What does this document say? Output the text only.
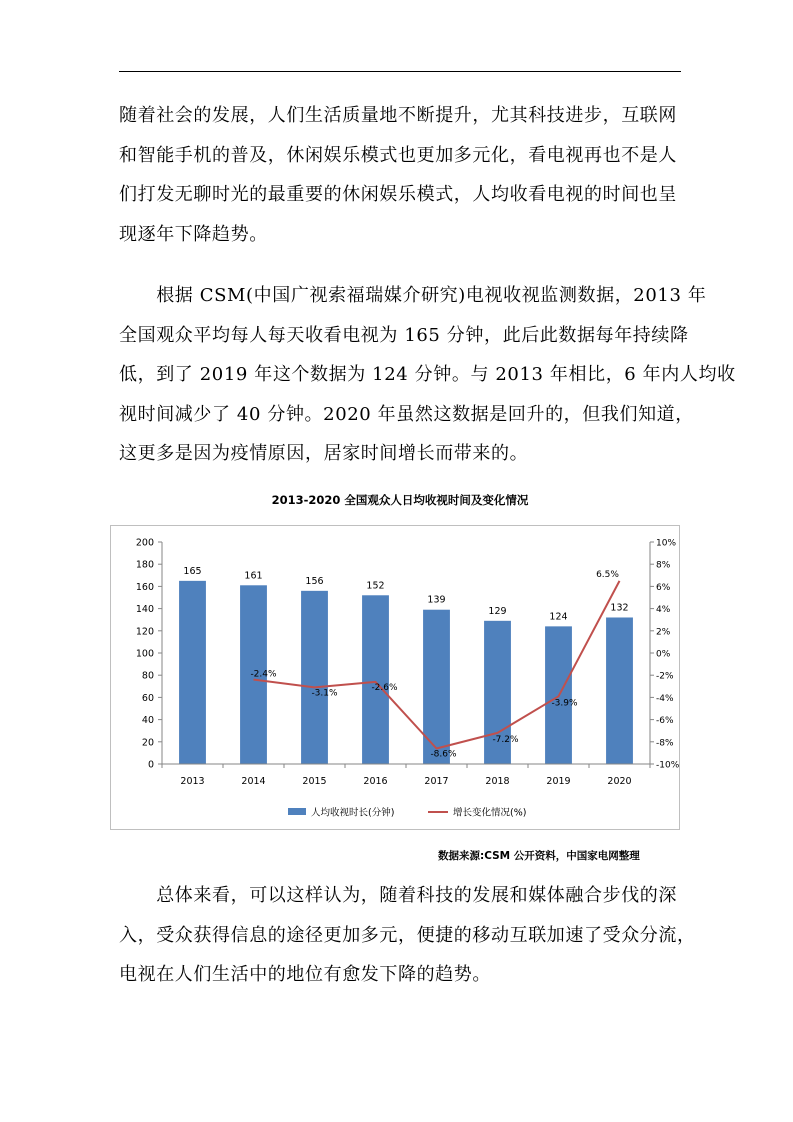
随着社会的发展，人们生活质量地不断提升，尤其科技进步，互联网
和智能手机的普及，休闲娱乐模式也更加多元化，看电视再也不是人
们打发无聊时光的最重要的休闲娱乐模式，人均收看电视的时间也呈
现逐年下降趋势。
　　根据 CSM(中国广视索福瑞媒介研究)电视收视监测数据，2013 年
全国观众平均每人每天收看电视为 165 分钟，此后此数据每年持续降
低，到了 2019 年这个数据为 124 分钟。与 2013 年相比，6 年内人均收
视时间减少了 40 分钟。2020 年虽然这数据是回升的，但我们知道，
这更多是因为疫情原因，居家时间增长而带来的。
2013-2020 全国观众人日均收视时间及变化情况
0
20
40
60
80
100
120
140
160
180
200
-10%
-8%
-6%
-4%
-2%
0%
2%
4%
6%
8%
10%
165	161
156	152
139
129
124
132
2013	2014	2015	2016	2017	2018	2019	2020
-2.4%
-3.1%
-2.6%
-8.6%
-7.2%
-3.9%
6.5%
人均收视时长(分钟)	增长变化情况(%)
数据来源:CSM 公开资料，中国家电网整理
　　总体来看，可以这样认为，随着科技的发展和媒体融合步伐的深
入，受众获得信息的途径更加多元，便捷的移动互联加速了受众分流，
电视在人们生活中的地位有愈发下降的趋势。
